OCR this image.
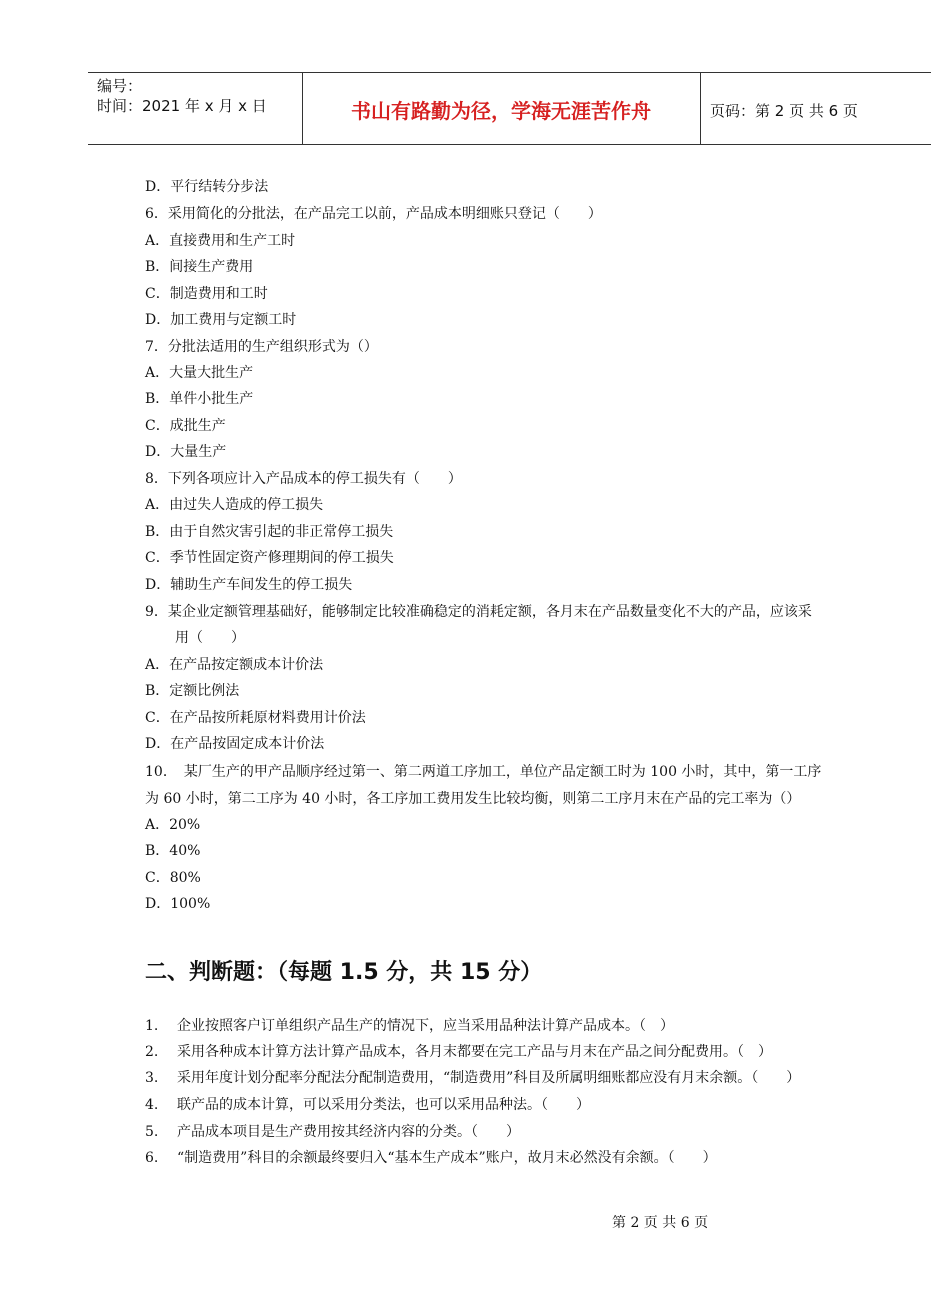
编号：
时间：2021 年 x 月 x 日	书山有路勤为径，学海无涯苦作舟	页码：第 2 页 共 6 页
D．平行结转分步法
6．采用简化的分批法，在产品完工以前，产品成本明细账只登记（　　）
A．直接费用和生产工时
B．间接生产费用
C．制造费用和工时
D．加工费用与定额工时
7．分批法适用的生产组织形式为（）
A．大量大批生产
B．单件小批生产
C．成批生产
D．大量生产
8．下列各项应计入产品成本的停工损失有（　　）
A．由过失人造成的停工损失
B．由于自然灾害引起的非正常停工损失
C．季节性固定资产修理期间的停工损失
D．辅助生产车间发生的停工损失
9．某企业定额管理基础好，能够制定比较准确稳定的消耗定额，各月末在产品数量变化不大的产品，应该采
用（　　）
A．在产品按定额成本计价法
B．定额比例法
C．在产品按所耗原材料费用计价法
D．在产品按固定成本计价法
10．　某厂生产的甲产品顺序经过第一、第二两道工序加工，单位产品定额工时为 100 小时，其中，第一工序
为 60 小时，第二工序为 40 小时，各工序加工费用发生比较均衡，则第二工序月末在产品的完工率为（）
A．20%
B．40%
C．80%
D．100%
二、判断题：（每题 1.5 分，共 15 分）
1. 企业按照客户订单组织产品生产的情况下，应当采用品种法计算产品成本。（　）
2. 采用各种成本计算方法计算产品成本，各月末都要在完工产品与月末在产品之间分配费用。（　）
3. 采用年度计划分配率分配法分配制造费用，“制造费用”科目及所属明细账都应没有月末余额。（　　）
4. 联产品的成本计算，可以采用分类法，也可以采用品种法。（　　）
5. 产品成本项目是生产费用按其经济内容的分类。（　　）
6. “制造费用”科目的余额最终要归入“基本生产成本”账户，故月末必然没有余额。（　　）
第 2 页 共 6 页
